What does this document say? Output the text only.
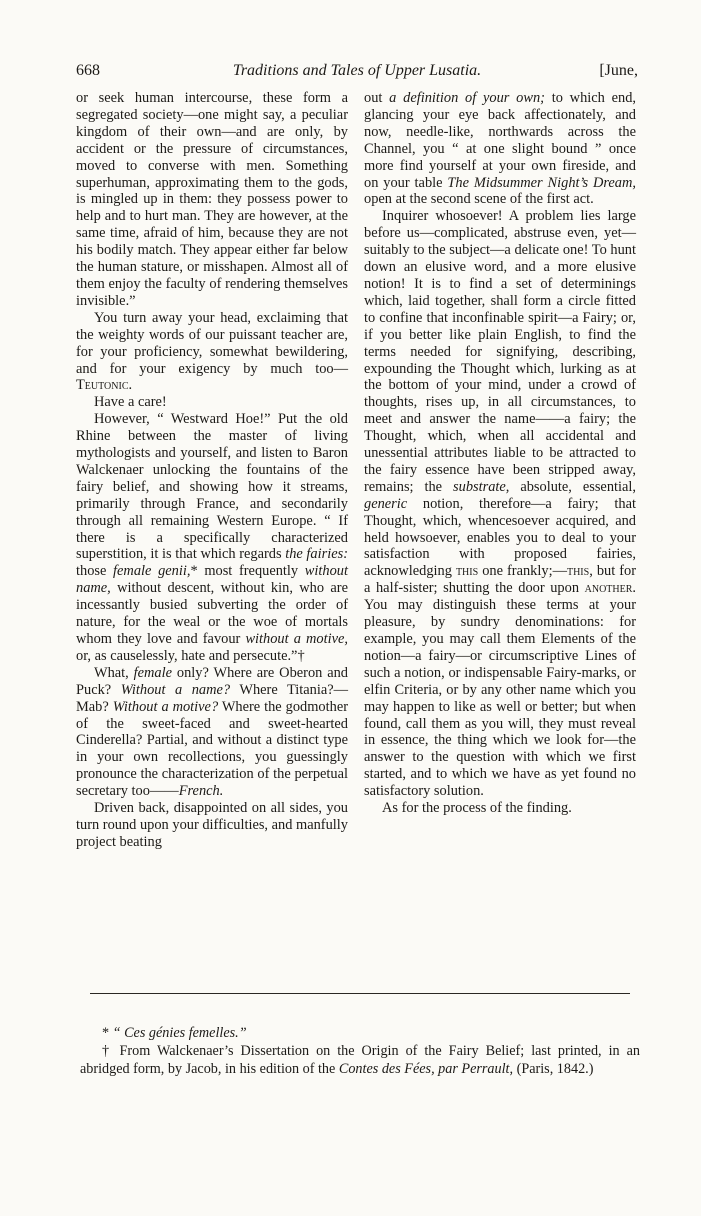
668	Traditions and Tales of Upper Lusatia.	[June,

or seek human intercourse, these form a segregated society—one might say, a peculiar kingdom of their own—and are only, by accident or the pressure of circumstances, moved to converse with men. Something superhuman, approximating them to the gods, is mingled up in them: they possess power to help and to hurt man. They are however, at the same time, afraid of him, because they are not his bodily match. They appear either far below the human stature, or misshapen. Almost all of them enjoy the faculty of rendering themselves invisible.”

You turn away your head, exclaiming that the weighty words of our puissant teacher are, for your proficiency, somewhat bewildering, and for your exigency by much too—Teutonic.

Have a care!

However, “ Westward Hoe!” Put the old Rhine between the master of living mythologists and yourself, and listen to Baron Walckenaer unlocking the fountains of the fairy belief, and showing how it streams, primarily through France, and secondarily through all remaining Western Europe. “ If there is a specifically characterized superstition, it is that which regards the fairies: those female genii,* most frequently without name, without descent, without kin, who are incessantly busied subverting the order of nature, for the weal or the woe of mortals whom they love and favour without a motive, or, as causelessly, hate and persecute.”†

What, female only? Where are Oberon and Puck? Without a name? Where Titania?—Mab? Without a motive? Where the godmother of the sweet-faced and sweet-hearted Cinderella? Partial, and without a distinct type in your own recollections, you guessingly pronounce the characterization of the perpetual secretary too——French.

Driven back, disappointed on all sides, you turn round upon your difficulties, and manfully project beating

out a definition of your own; to which end, glancing your eye back affectionately, and now, needle-like, northwards across the Channel, you “ at one slight bound ” once more find yourself at your own fireside, and on your table The Midsummer Night’s Dream, open at the second scene of the first act.

Inquirer whosoever! A problem lies large before us—complicated, abstruse even, yet—suitably to the subject—a delicate one! To hunt down an elusive word, and a more elusive notion! It is to find a set of determinings which, laid together, shall form a circle fitted to confine that inconfinable spirit—a Fairy; or, if you better like plain English, to find the terms needed for signifying, describing, expounding the Thought which, lurking as at the bottom of your mind, under a crowd of thoughts, rises up, in all circumstances, to meet and answer the name——a fairy; the Thought, which, when all accidental and unessential attributes liable to be attracted to the fairy essence have been stripped away, remains; the substrate, absolute, essential, generic notion, therefore—a fairy; that Thought, which, whencesoever acquired, and held howsoever, enables you to deal to your satisfaction with proposed fairies, acknowledging this one frankly;—this, but for a half-sister; shutting the door upon another. You may distinguish these terms at your pleasure, by sundry denominations: for example, you may call them Elements of the notion—a fairy—or circumscriptive Lines of such a notion, or indispensable Fairy-marks, or elfin Criteria, or by any other name which you may happen to like as well or better; but when found, call them as you will, they must reveal in essence, the thing which we look for—the answer to the question with which we first started, and to which we have as yet found no satisfactory solution.

As for the process of the finding.

* “ Ces génies femelles.”

† From Walckenaer’s Dissertation on the Origin of the Fairy Belief; last printed, in an abridged form, by Jacob, in his edition of the Contes des Fées, par Perrault, (Paris, 1842.)
